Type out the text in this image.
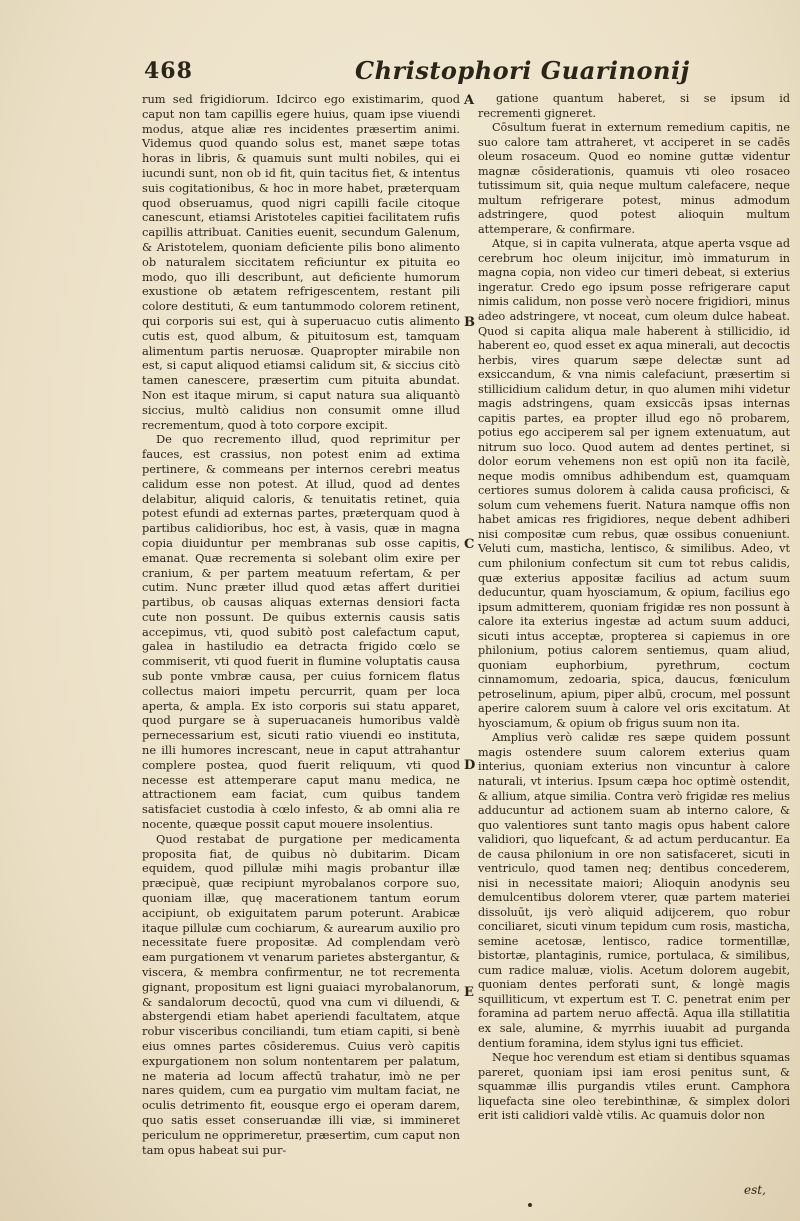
468	Christophori Guarinonij

rum sed frigidiorum. Idcirco ego existimarim, quod caput non tam capillis egere huius, quam ipse viuendi modus, atque aliæ res incidentes præsertim animi. Videmus quod quando solus est, manet sæpe totas horas in libris, & quamuis sunt multi nobiles, qui ei iucundi sunt, non ob id fit, quin tacitus fiet, & intentus suis cogitationibus, & hoc in more habet, præterquam quod obseruamus, quod nigri capilli facile citoque canescunt, etiamsi Aristoteles capitiei facilitatem rufis capillis attribuat. Canities euenit, secundum Galenum, & Aristotelem, quoniam deficiente pilis bono alimento ob naturalem siccitatem reficiuntur ex pituita eo modo, quo illi describunt, aut deficiente humorum exustione ob ætatem refrigescentem, restant pili colore destituti, & eum tantummodo colorem retinent, qui corporis sui est, qui à superuacuo cutis alimento cutis est, quod album, & pituitosum est, tamquam alimentum partis neruosæ. Quapropter mirabile non est, si caput aliquod etiamsi calidum sit, & siccius citò tamen canescere, præsertim cum pituita abundat. Non est itaque mirum, si caput natura sua aliquantò siccius, multò calidius non consumit omne illud recrementum, quod à toto corpore excipit.

De quo recremento illud, quod reprimitur per fauces, est crassius, non potest enim ad extima pertinere, & commeans per internos cerebri meatus calidum esse non potest. At illud, quod ad dentes delabitur, aliquid caloris, & tenuitatis retinet, quia potest efundi ad externas partes, præterquam quod à partibus calidioribus, hoc est, à vasis, quæ in magna copia diuiduntur per membranas sub osse capitis, emanat. Quæ recrementa si solebant olim exire per cranium, & per partem meatuum refertam, & per cutim. Nunc præter illud quod ætas affert duritiei partibus, ob causas aliquas externas densiori facta cute non possunt. De quibus externis causis satis accepimus, vti, quod subitò post calefactum caput, galea in hastiludio ea detracta frigido cœlo se commiserit, vti quod fuerit in flumine voluptatis causa sub ponte vmbræ causa, per cuius fornicem flatus collectus maiori impetu percurrit, quam per loca aperta, & ampla. Ex isto corporis sui statu apparet, quod purgare se à superuacaneis humoribus valdè pernecessarium est, sicuti ratio viuendi eo instituta, ne illi humores increscant, neue in caput attrahantur complere postea, quod fuerit reliquum, vti quod necesse est attemperare caput manu medica, ne attractionem eam faciat, cum quibus tandem satisfaciet custodia à cœlo infesto, & ab omni alia re nocente, quæque possit caput mouere insolentius.

Quod restabat de purgatione per medicamenta proposita fiat, de quibus nò dubitarim. Dicam equidem, quod pillulæ mihi magis probantur illæ præcipuè, quæ recipiunt myrobalanos corpore suo, quoniam illæ, quę macerationem tantum eorum accipiunt, ob exiguitatem parum poterunt. Arabicæ itaque pillulæ cum cochiarum, & aurearum auxilio pro necessitate fuere propositæ. Ad complendam verò eam purgationem vt venarum parietes abstergantur, & viscera, & membra confirmentur, ne tot recrementa gignant, propositum est ligni guaiaci myrobalanorum, & sandalorum decoctū, quod vna cum vi diluendi, & abstergendi etiam habet aperiendi facultatem, atque robur visceribus conciliandi, tum etiam capiti, si benè eius omnes partes cōsideremus. Cuius verò capitis expurgationem non solum nontentarem per palatum, ne materia ad locum affectū trahatur, imò ne per nares quidem, cum ea purgatio vim multam faciat, ne oculis detrimento fit, eousque ergo ei operam darem, quo satis esset conseruandæ illi viæ, si immineret periculum ne opprimeretur, præsertim, cum caput non tam opus habeat sui pur-

A
B
C
D
E

gatione quantum haberet, si se ipsum id recrementi gigneret.

Cōsultum fuerat in externum remedium capitis, ne suo calore tam attraheret, vt acciperet in se cadēs oleum rosaceum. Quod eo nomine guttæ videntur magnæ cōsiderationis, quamuis vti oleo rosaceo tutissimum sit, quia neque multum calefacere, neque multum refrigerare potest, minus admodum adstringere, quod potest alioquin multum attemperare, & confirmare.

Atque, si in capita vulnerata, atque aperta vsque ad cerebrum hoc oleum inijcitur, imò immaturum in magna copia, non video cur timeri debeat, si exterius ingeratur. Credo ego ipsum posse refrigerare caput nimis calidum, non posse verò nocere frigidiori, minus adeo adstringere, vt noceat, cum oleum dulce habeat. Quod si capita aliqua male haberent à stillicidio, id haberent eo, quod esset ex aqua minerali, aut decoctis herbis, vires quarum sæpe delectæ sunt ad exsiccandum, & vna nimis calefaciunt, præsertim si stillicidium calidum detur, in quo alumen mihi videtur magis adstringens, quam exsiccās ipsas internas capitis partes, ea propter illud ego nō probarem, potius ego acciperem sal per ignem extenuatum, aut nitrum suo loco. Quod autem ad dentes pertinet, si dolor eorum vehemens non est opiū non ita facilè, neque modis omnibus adhibendum est, quamquam certiores sumus dolorem à calida causa proficisci, & solum cum vehemens fuerit. Natura namque offis non habet amicas res frigidiores, neque debent adhiberi nisi compositæ cum rebus, quæ ossibus conueniunt. Veluti cum, masticha, lentisco, & similibus. Adeo, vt cum philonium confectum sit cum tot rebus calidis, quæ exterius appositæ facilius ad actum suum deducuntur, quam hyosciamum, & opium, facilius ego ipsum admitterem, quoniam frigidæ res non possunt à calore ita exterius ingestæ ad actum suum adduci, sicuti intus acceptæ, propterea si capiemus in ore philonium, potius calorem sentiemus, quam aliud, quoniam euphorbium, pyrethrum, coctum cinnamomum, zedoaria, spica, daucus, fœniculum petroselinum, apium, piper albū, crocum, mel possunt aperire calorem suum à calore vel oris excitatum. At hyosciamum, & opium ob frigus suum non ita.

Amplius verò calidæ res sæpe quidem possunt magis ostendere suum calorem exterius quam interius, quoniam exterius non vincuntur à calore naturali, vt interius. Ipsum cæpa hoc optimè ostendit, & allium, atque similia. Contra verò frigidæ res melius adducuntur ad actionem suam ab interno calore, & quo valentiores sunt tanto magis opus habent calore validiori, quo liquefcant, & ad actum perducantur. Ea de causa philonium in ore non satisfaceret, sicuti in ventriculo, quod tamen neq; dentibus concederem, nisi in necessitate maiori; Alioquin anodynis seu demulcentibus dolorem vterer, quæ partem materiei dissoluūt, ijs verò aliquid adijcerem, quo robur conciliaret, sicuti vinum tepidum cum rosis, masticha, semine acetosæ, lentisco, radice tormentillæ, bistortæ, plantaginis, rumice, portulaca, & similibus, cum radice maluæ, violis. Acetum dolorem augebit, quoniam dentes perforati sunt, & longè magis squilliticum, vt expertum est T. C. penetrat enim per foramina ad partem neruo affectā. Aqua illa stillatitia ex sale, alumine, & myrrhis iuuabit ad purganda dentium foramina, idem stylus igni tus efficiet.

Neque hoc verendum est etiam si dentibus squamas pareret, quoniam ipsi iam erosi penitus sunt, & squammæ illis purgandis vtiles erunt. Camphora liquefacta sine oleo terebinthinæ, & simplex dolori erit isti calidiori valdè vtilis. Ac quamuis dolor non

est,
